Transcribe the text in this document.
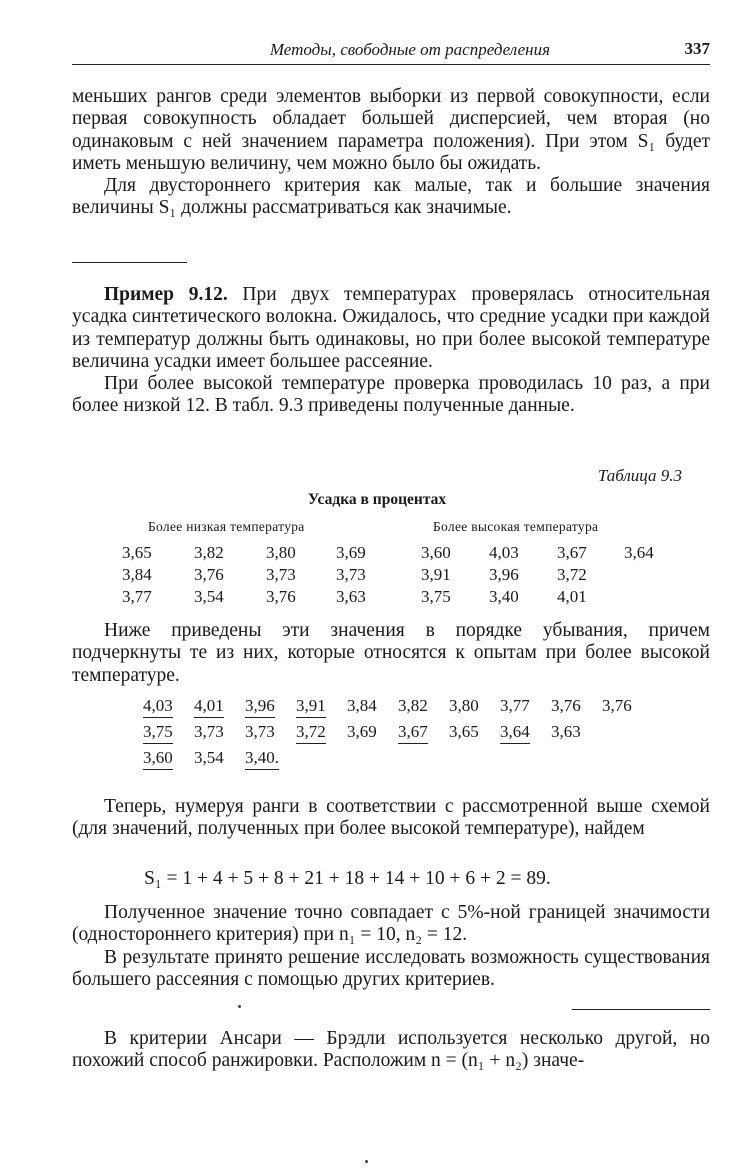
Методы, свободные от распределения	337

меньших рангов среди элементов выборки из первой совокупности, если первая совокупность обладает большей дисперсией, чем вторая (но одинаковым с ней значением параметра положения). При этом S₁ будет иметь меньшую величину, чем можно было бы ожидать.

Для двустороннего критерия как малые, так и большие значения величины S₁ должны рассматриваться как значимые.

Пример 9.12. При двух температурах проверялась относительная усадка синтетического волокна. Ожидалось, что средние усадки при каждой из температур должны быть одинаковы, но при более высокой температуре величина усадки имеет большее рассеяние.

При более высокой температуре проверка проводилась 10 раз, а при более низкой 12. В табл. 9.3 приведены полученные данные.

Таблица 9.3
Усадка в процентах
Более низкая температура	Более высокая температура
3,65 3,82 3,80 3,69	3,60 4,03 3,67 3,64
3,84 3,76 3,73 3,73	3,91 3,96 3,72
3,77 3,54 3,76 3,63	3,75 3,40 4,01

Ниже приведены эти значения в порядке убывания, причем подчеркнуты те из них, которые относятся к опытам при более высокой температуре.

4,03 4,01 3,96 3,91 3,84 3,82 3,80 3,77 3,76 3,76
3,75 3,73 3,73 3,72 3,69 3,67 3,65 3,64 3,63
3,60 3,54 3,40.

Теперь, нумеруя ранги в соответствии с рассмотренной выше схемой (для значений, полученных при более высокой температуре), найдем

S₁ = 1 + 4 + 5 + 8 + 21 + 18 + 14 + 10 + 6 + 2 = 89.

Полученное значение точно совпадает с 5%-ной границей значимости (одностороннего критерия) при n₁ = 10, n₂ = 12.

В результате принято решение исследовать возможность существования большего рассеяния с помощью других критериев.

В критерии Ансари — Брэдли используется несколько другой, но похожий способ ранжировки. Расположим n = (n₁ + n₂) значе-
